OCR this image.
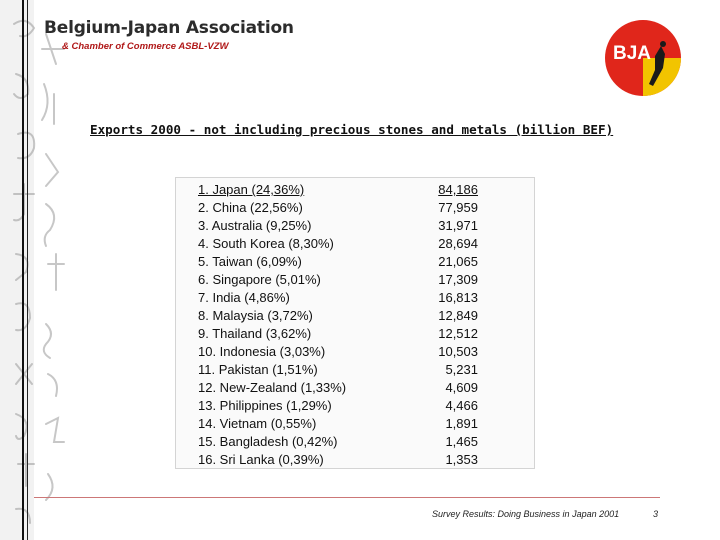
Belgium-Japan Association
& Chamber of Commerce ASBL-VZW	BJA
Exports 2000 - not including precious stones and metals (billion BEF)
1. Japan (24,36%)
2. China (22,56%)
3. Australia (9,25%)
4. South Korea (8,30%)
5. Taiwan (6,09%)
6. Singapore (5,01%)
7. India (4,86%)
8. Malaysia (3,72%)
9. Thailand (3,62%)
10. Indonesia (3,03%)
11. Pakistan (1,51%)
12. New-Zealand (1,33%)
13. Philippines (1,29%)
14. Vietnam (0,55%)
15. Bangladesh (0,42%)
16. Sri Lanka (0,39%)
84,186
77,959
31,971
28,694
21,065
17,309
16,813
12,849
12,512
10,503
5,231
4,609
4,466
1,891
1,465
1,353
Survey Results: Doing Business in Japan 2001	3
